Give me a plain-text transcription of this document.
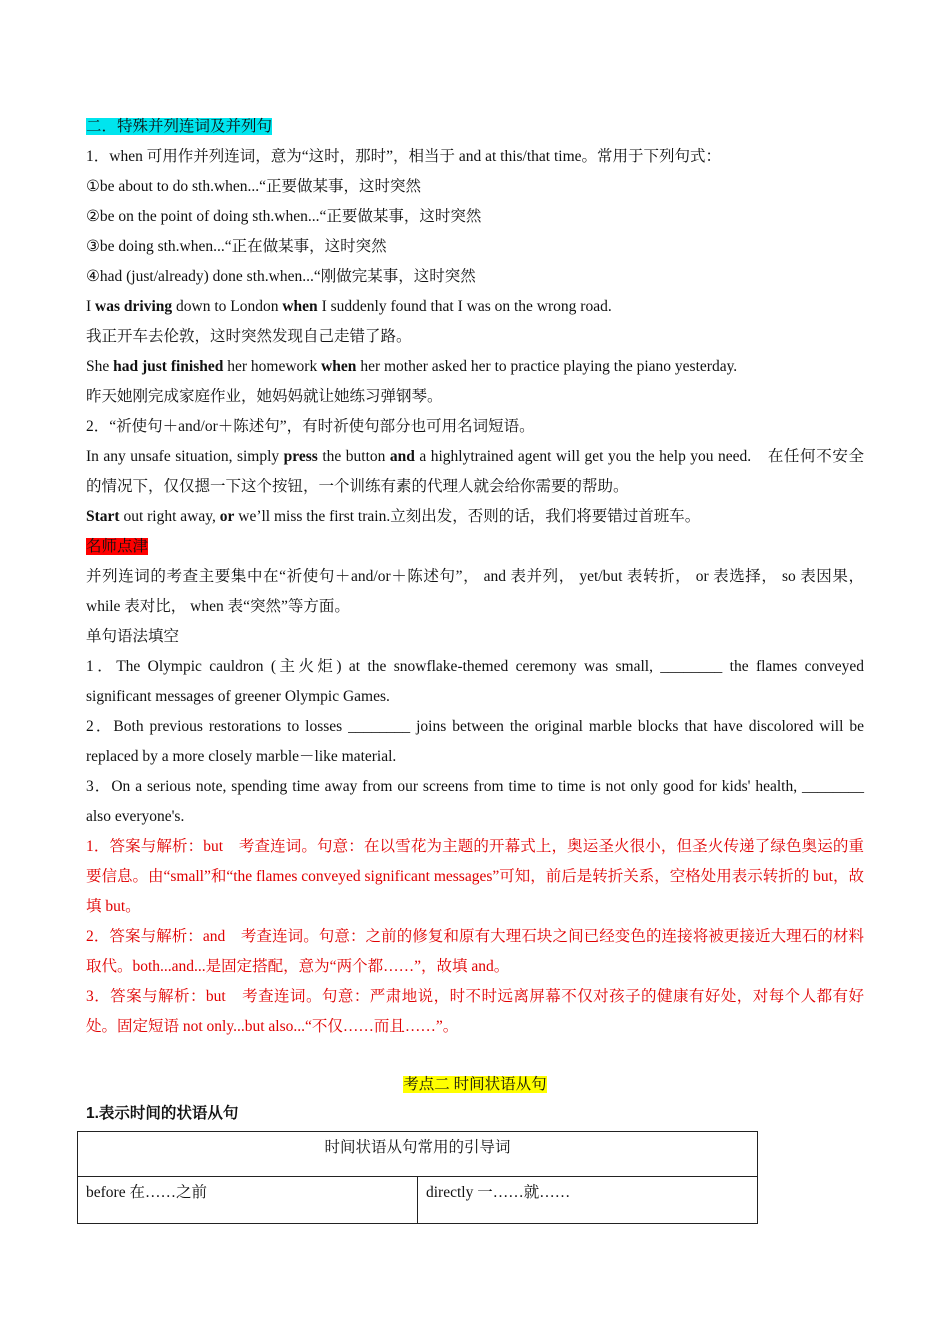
二．特殊并列连词及并列句
1．when 可用作并列连词，意为“这时，那时”，相当于 and at this/that time。常用于下列句式：
①be about to do sth.when...“正要做某事，这时突然
②be on the point of doing sth.when...“正要做某事，这时突然
③be doing sth.when...“正在做某事，这时突然
④had (just/already) done sth.when...“刚做完某事，这时突然
I was driving down to London when I suddenly found that I was on the wrong road.
我正开车去伦敦，这时突然发现自己走错了路。
She had just finished her homework when her mother asked her to practice playing the piano yesterday.
昨天她刚完成家庭作业，她妈妈就让她练习弹钢琴。
2．“祈使句＋and/or＋陈述句”，有时祈使句部分也可用名词短语。
In any unsafe situation, simply press the button and a highlytrained agent will get you the help you need.　在任何不安全的情况下，仅仅摁一下这个按钮，一个训练有素的代理人就会给你需要的帮助。
Start out right away, or we’ll miss the first train.立刻出发，否则的话，我们将要错过首班车。
名师点津
并列连词的考查主要集中在“祈使句＋and/or＋陈述句”， and 表并列， yet/but 表转折， or 表选择， so 表因果， while 表对比， when 表“突然”等方面。
单句语法填空
1．The Olympic cauldron (主火炬) at the snowflake-themed ceremony was small, ________ the flames conveyed significant messages of greener Olympic Games.
2．Both previous restorations to losses ________ joins between the original marble blocks that have discolored will be replaced by a more closely marble－like material.
3．On a serious note, spending time away from our screens from time to time is not only good for kids' health, ________ also everyone's.
1．答案与解析：but　考查连词。句意：在以雪花为主题的开幕式上，奥运圣火很小，但圣火传递了绿色奥运的重要信息。由“small”和“the flames conveyed significant messages”可知，前后是转折关系，空格处用表示转折的 but，故填 but。
2．答案与解析：and　考查连词。句意：之前的修复和原有大理石块之间已经变色的连接将被更接近大理石的材料取代。both...and...是固定搭配，意为“两个都……”，故填 and。
3．答案与解析：but　考查连词。句意：严肃地说，时不时远离屏幕不仅对孩子的健康有好处，对每个人都有好处。固定短语 not only...but also...“不仅……而且……”。
考点二 时间状语从句
1.表示时间的状语从句
时间状语从句常用的引导词
before 在……之前	directly 一……就……
